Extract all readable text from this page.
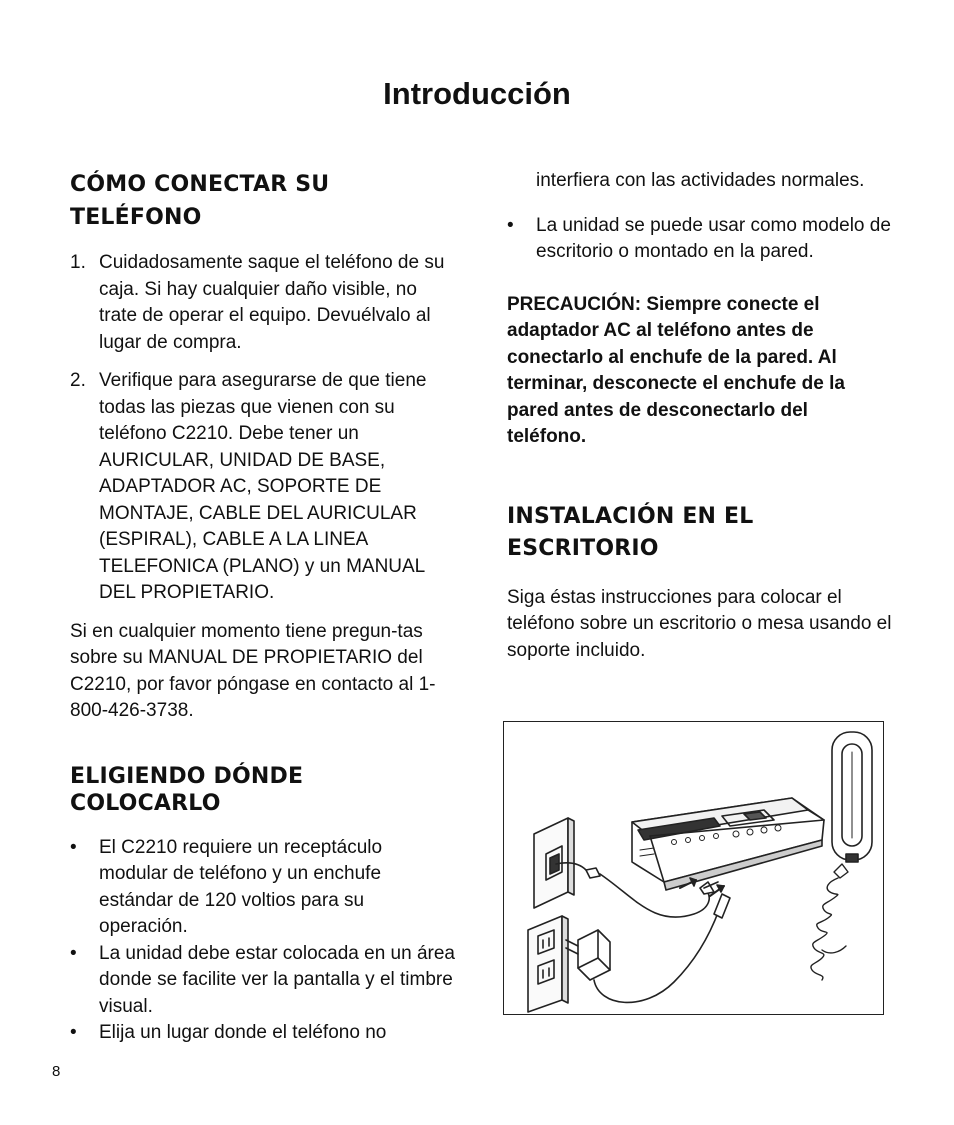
Introducción
CÓMO CONECTAR SU TELÉFONO
1. Cuidadosamente saque el teléfono de su caja. Si hay cualquier daño visible, no trate de operar el equipo. Devuélvalo al lugar de compra.
2. Verifique para asegurarse de que tiene todas las piezas que vienen con su teléfono C2210. Debe tener un AURICULAR, UNIDAD DE BASE, ADAPTADOR AC, SOPORTE DE MONTAJE, CABLE DEL AURICULAR (ESPIRAL), CABLE A LA LINEA TELEFONICA (PLANO) y un MANUAL DEL PROPIETARIO.

Si en cualquier momento tiene pregun-tas sobre su MANUAL DE PROPIETARIO del C2210, por favor póngase en contacto al 1-800-426-3738.

ELIGIENDO DÓNDE COLOCARLO
• El C2210 requiere un receptáculo modular de teléfono y un enchufe estándar de 120 voltios para su operación.
• La unidad debe estar colocada en un área donde se facilite ver la pantalla y el timbre visual.
• Elija un lugar donde el teléfono no

interfiera con las actividades normales.

• La unidad se puede usar como modelo de escritorio o montado en la pared.

PRECAUCIÓN: Siempre conecte el adaptador AC al teléfono antes de conectarlo al enchufe de la pared. Al terminar, desconecte el enchufe de la pared antes de desconectarlo del teléfono.

INSTALACIÓN EN EL ESCRITORIO

Siga éstas instrucciones para colocar el teléfono sobre un escritorio o mesa usando el soporte incluido.

8
